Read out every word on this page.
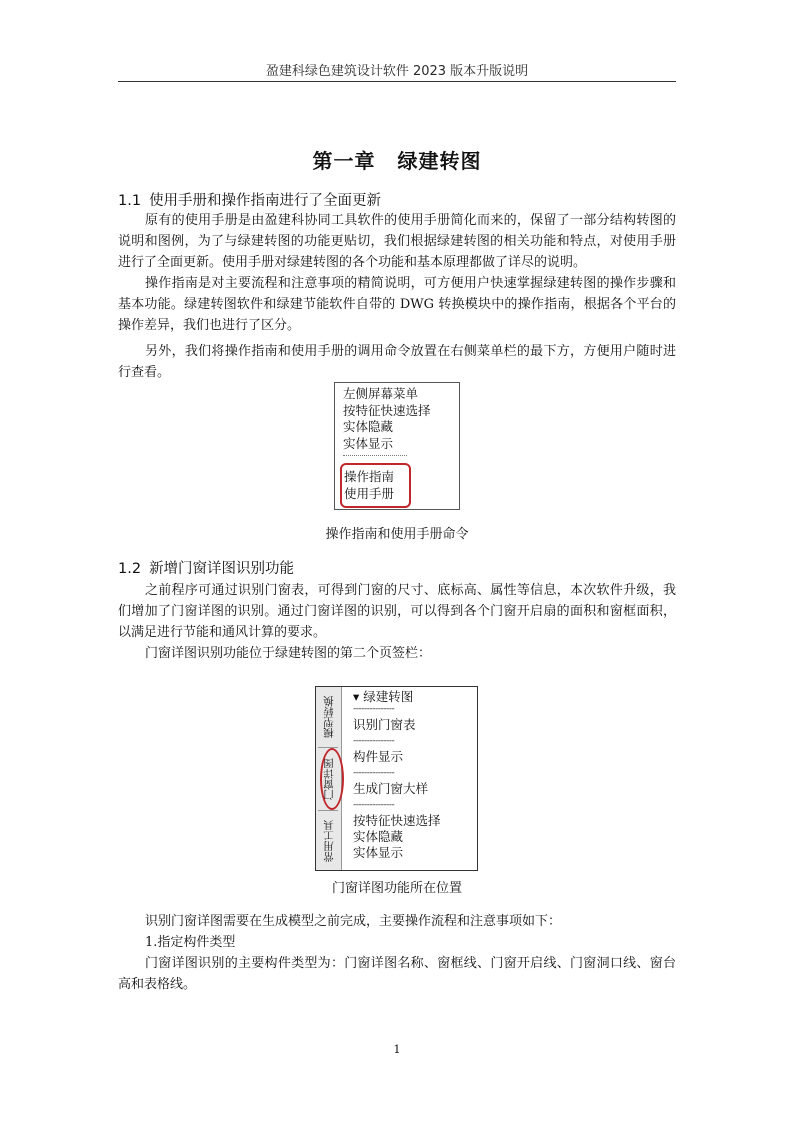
盈建科绿色建筑设计软件 2023 版本升版说明
第一章 绿建转图
1.1 使用手册和操作指南进行了全面更新

原有的使用手册是由盈建科协同工具软件的使用手册简化而来的，保留了一部分结构转图的说明和图例，为了与绿建转图的功能更贴切，我们根据绿建转图的相关功能和特点，对使用手册进行了全面更新。使用手册对绿建转图的各个功能和基本原理都做了详尽的说明。

操作指南是对主要流程和注意事项的精简说明，可方便用户快速掌握绿建转图的操作步骤和基本功能。绿建转图软件和绿建节能软件自带的 DWG 转换模块中的操作指南，根据各个平台的操作差异，我们也进行了区分。

另外，我们将操作指南和使用手册的调用命令放置在右侧菜单栏的最下方，方便用户随时进行查看。

左侧屏幕菜单
按特征快速选择
实体隐藏
实体显示
操作指南
使用手册
操作指南和使用手册命令
1.2 新增门窗详图识别功能

之前程序可通过识别门窗表，可得到门窗的尺寸、底标高、属性等信息，本次软件升级，我们增加了门窗详图的识别。通过门窗详图的识别，可以得到各个门窗开启扇的面积和窗框面积，以满足进行节能和通风计算的要求。

门窗详图识别功能位于绿建转图的第二个页签栏：

模型转换
门窗详图
常用工具
▾ 绿建转图
---------------
识别门窗表
---------------
构件显示
---------------
生成门窗大样
---------------
按特征快速选择
实体隐藏
实体显示
门窗详图功能所在位置

识别门窗详图需要在生成模型之前完成，主要操作流程和注意事项如下：

1.指定构件类型

门窗详图识别的主要构件类型为：门窗详图名称、窗框线、门窗开启线、门窗洞口线、窗台高和表格线。

1
